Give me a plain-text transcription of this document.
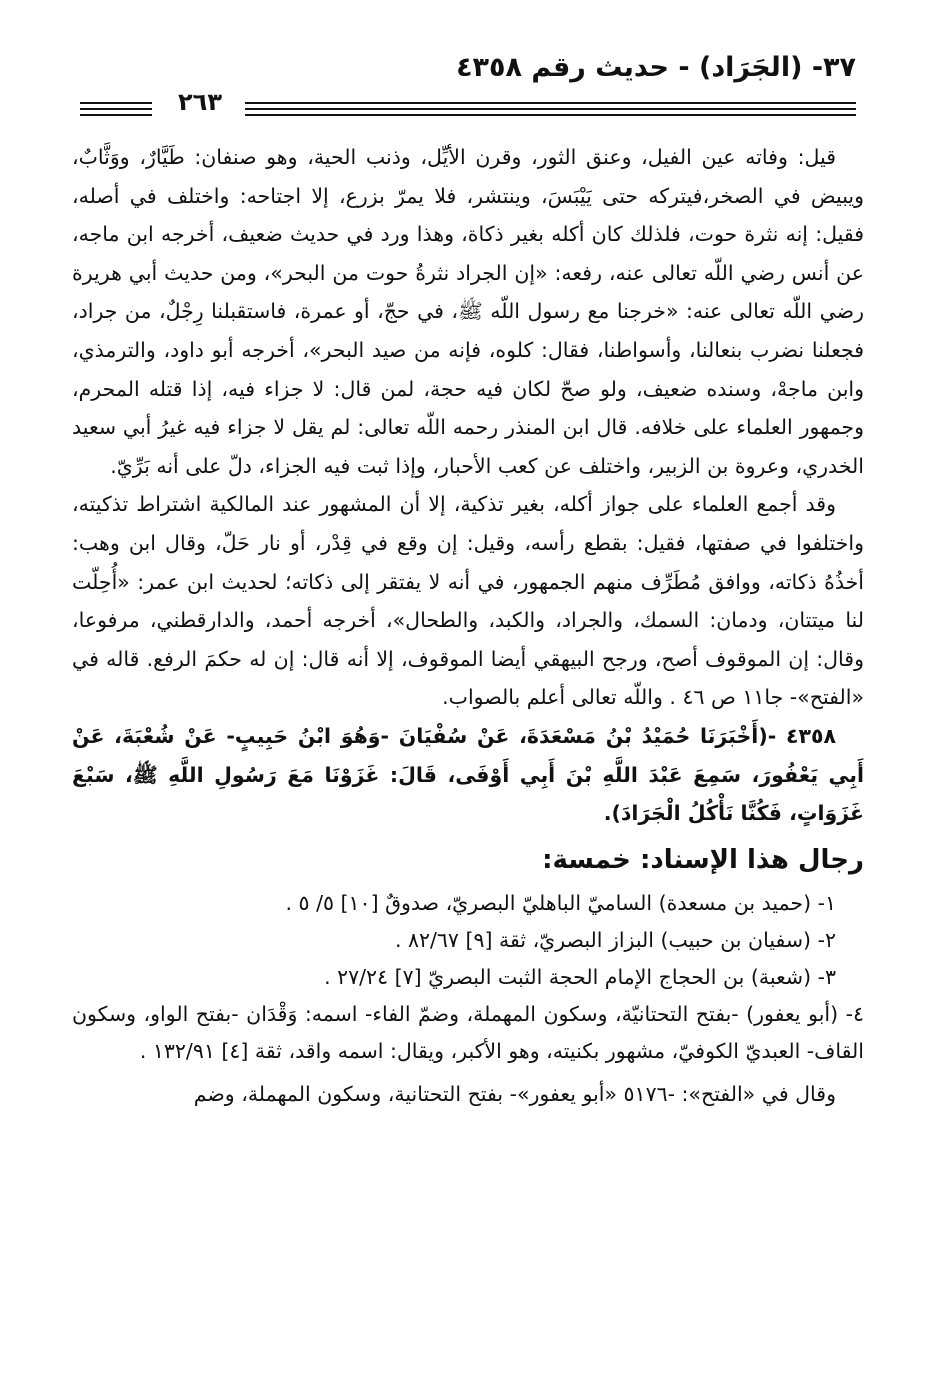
٣٧- (الجَرَاد) - حديث رقم ٤٣٥٨
٢٦٣

قيل: وفاته عين الفيل، وعنق الثور، وقرن الأيِّل، وذنب الحية، وهو صنفان: طَيَّارٌ، ووَثَّابٌ، ويبيض في الصخر،فيتركه حتى يَيْبَسَ، وينتشر، فلا يمرّ بزرع، إلا اجتاحه: واختلف في أصله، فقيل: إنه نثرة حوت، فلذلك كان أكله بغير ذكاة، وهذا ورد في حديث ضعيف، أخرجه ابن ماجه، عن أنس رضي اللّه تعالى عنه، رفعه: «إن الجراد نثرةُ حوت من البحر»، ومن حديث أبي هريرة رضي اللّه تعالى عنه: «خرجنا مع رسول اللّه ﷺ، في حجّ، أو عمرة، فاستقبلنا رِجْلٌ، من جراد، فجعلنا نضرب بنعالنا، وأسواطنا، فقال: كلوه، فإنه من صيد البحر»، أخرجه أبو داود، والترمذي، وابن ماجهْ، وسنده ضعيف، ولو صحّ لكان فيه حجة، لمن قال: لا جزاء فيه، إذا قتله المحرم، وجمهور العلماء على خلافه. قال ابن المنذر رحمه اللّه تعالى: لم يقل لا جزاء فيه غيرُ أبي سعيد الخدري، وعروة بن الزبير، واختلف عن كعب الأحبار، وإذا ثبت فيه الجزاء، دلّ على أنه بَرِّيّ.

وقد أجمع العلماء على جواز أكله، بغير تذكية، إلا أن المشهور عند المالكية اشتراط تذكيته، واختلفوا في صفتها، فقيل: بقطع رأسه، وقيل: إن وقع في قِدْر، أو نار حَلّ، وقال ابن وهب: أخذُهُ ذكاته، ووافق مُطَرِّف منهم الجمهور، في أنه لا يفتقر إلى ذكاته؛ لحديث ابن عمر: «أُحِلّت لنا ميتتان، ودمان: السمك، والجراد، والكبد، والطحال»، أخرجه أحمد، والدارقطني، مرفوعا، وقال: إن الموقوف أصح، ورجح البيهقي أيضا الموقوف، إلا أنه قال: إن له حكمَ الرفع. قاله في «الفتح»- جا١١ ص ٤٦ . واللّه تعالى أعلم بالصواب.

٤٣٥٨ -(أَخْبَرَنَا حُمَيْدُ بْنُ مَسْعَدَةَ، عَنْ سُفْيَانَ -وَهُوَ ابْنُ حَبِيبٍ- عَنْ شُعْبَةَ، عَنْ أَبِي يَعْفُورَ، سَمِعَ عَبْدَ اللَّهِ بْنَ أَبِي أَوْفَى، قَالَ: غَزَوْنَا مَعَ رَسُولِ اللَّهِ ﷺ، سَبْعَ غَزَوَاتٍ، فَكُنَّا نَأْكُلُ الْجَرَادَ).

رجال هذا الإسناد: خمسة:

١- (حميد بن مسعدة) الساميّ الباهليّ البصريّ، صدوقٌ [١٠] ٥/ ٥ .

٢- (سفيان بن حبيب) البزاز البصريّ، ثقة [٩] ٨٢/٦٧ .

٣- (شعبة) بن الحجاج الإمام الحجة الثبت البصريّ [٧] ٢٧/٢٤ .

٤- (أبو يعفور) -بفتح التحتانيّة، وسكون المهملة، وضمّ الفاء- اسمه: وَقْدَان -بفتح الواو، وسكون القاف- العبديّ الكوفيّ، مشهور بكنيته، وهو الأكبر، ويقال: اسمه واقد، ثقة [٤] ١٣٢/٩١ .

وقال في «الفتح»: -٥١٧٦ «أبو يعفور»- بفتح التحتانية، وسكون المهملة، وضم
